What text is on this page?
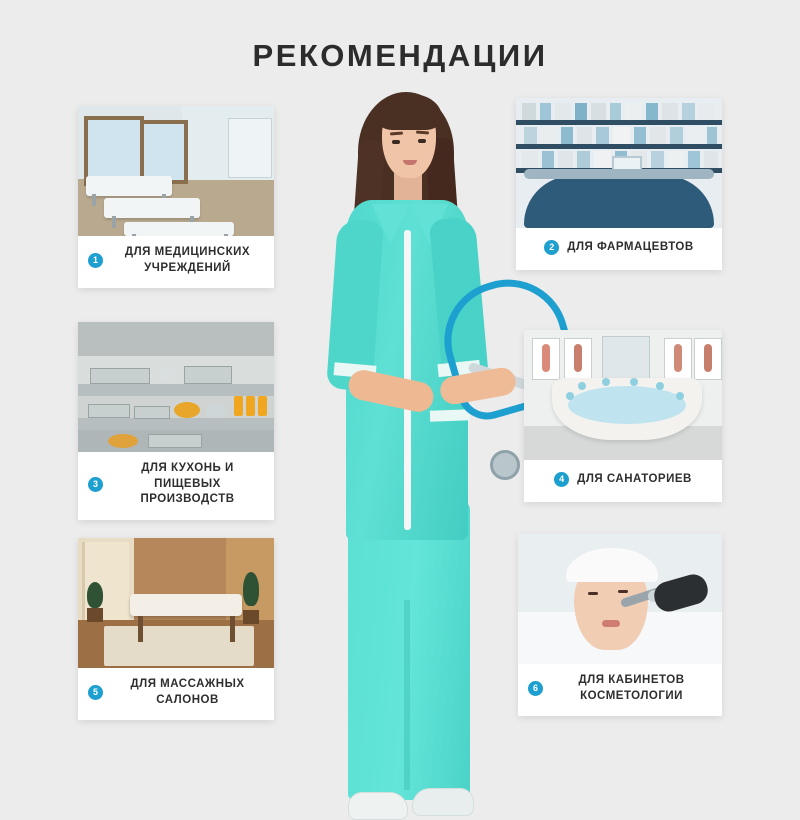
РЕКОМЕНДАЦИИ
1
ДЛЯ МЕДИЦИНСКИХ УЧРЕЖДЕНИЙ
2	ДЛЯ ФАРМАЦЕВТОВ
3
ДЛЯ КУХОНЬ И ПИЩЕВЫХ ПРОИЗВОДСТВ
4	ДЛЯ САНАТОРИЕВ
5
ДЛЯ МАССАЖНЫХ САЛОНОВ
6
ДЛЯ КАБИНЕТОВ КОСМЕТОЛОГИИ
